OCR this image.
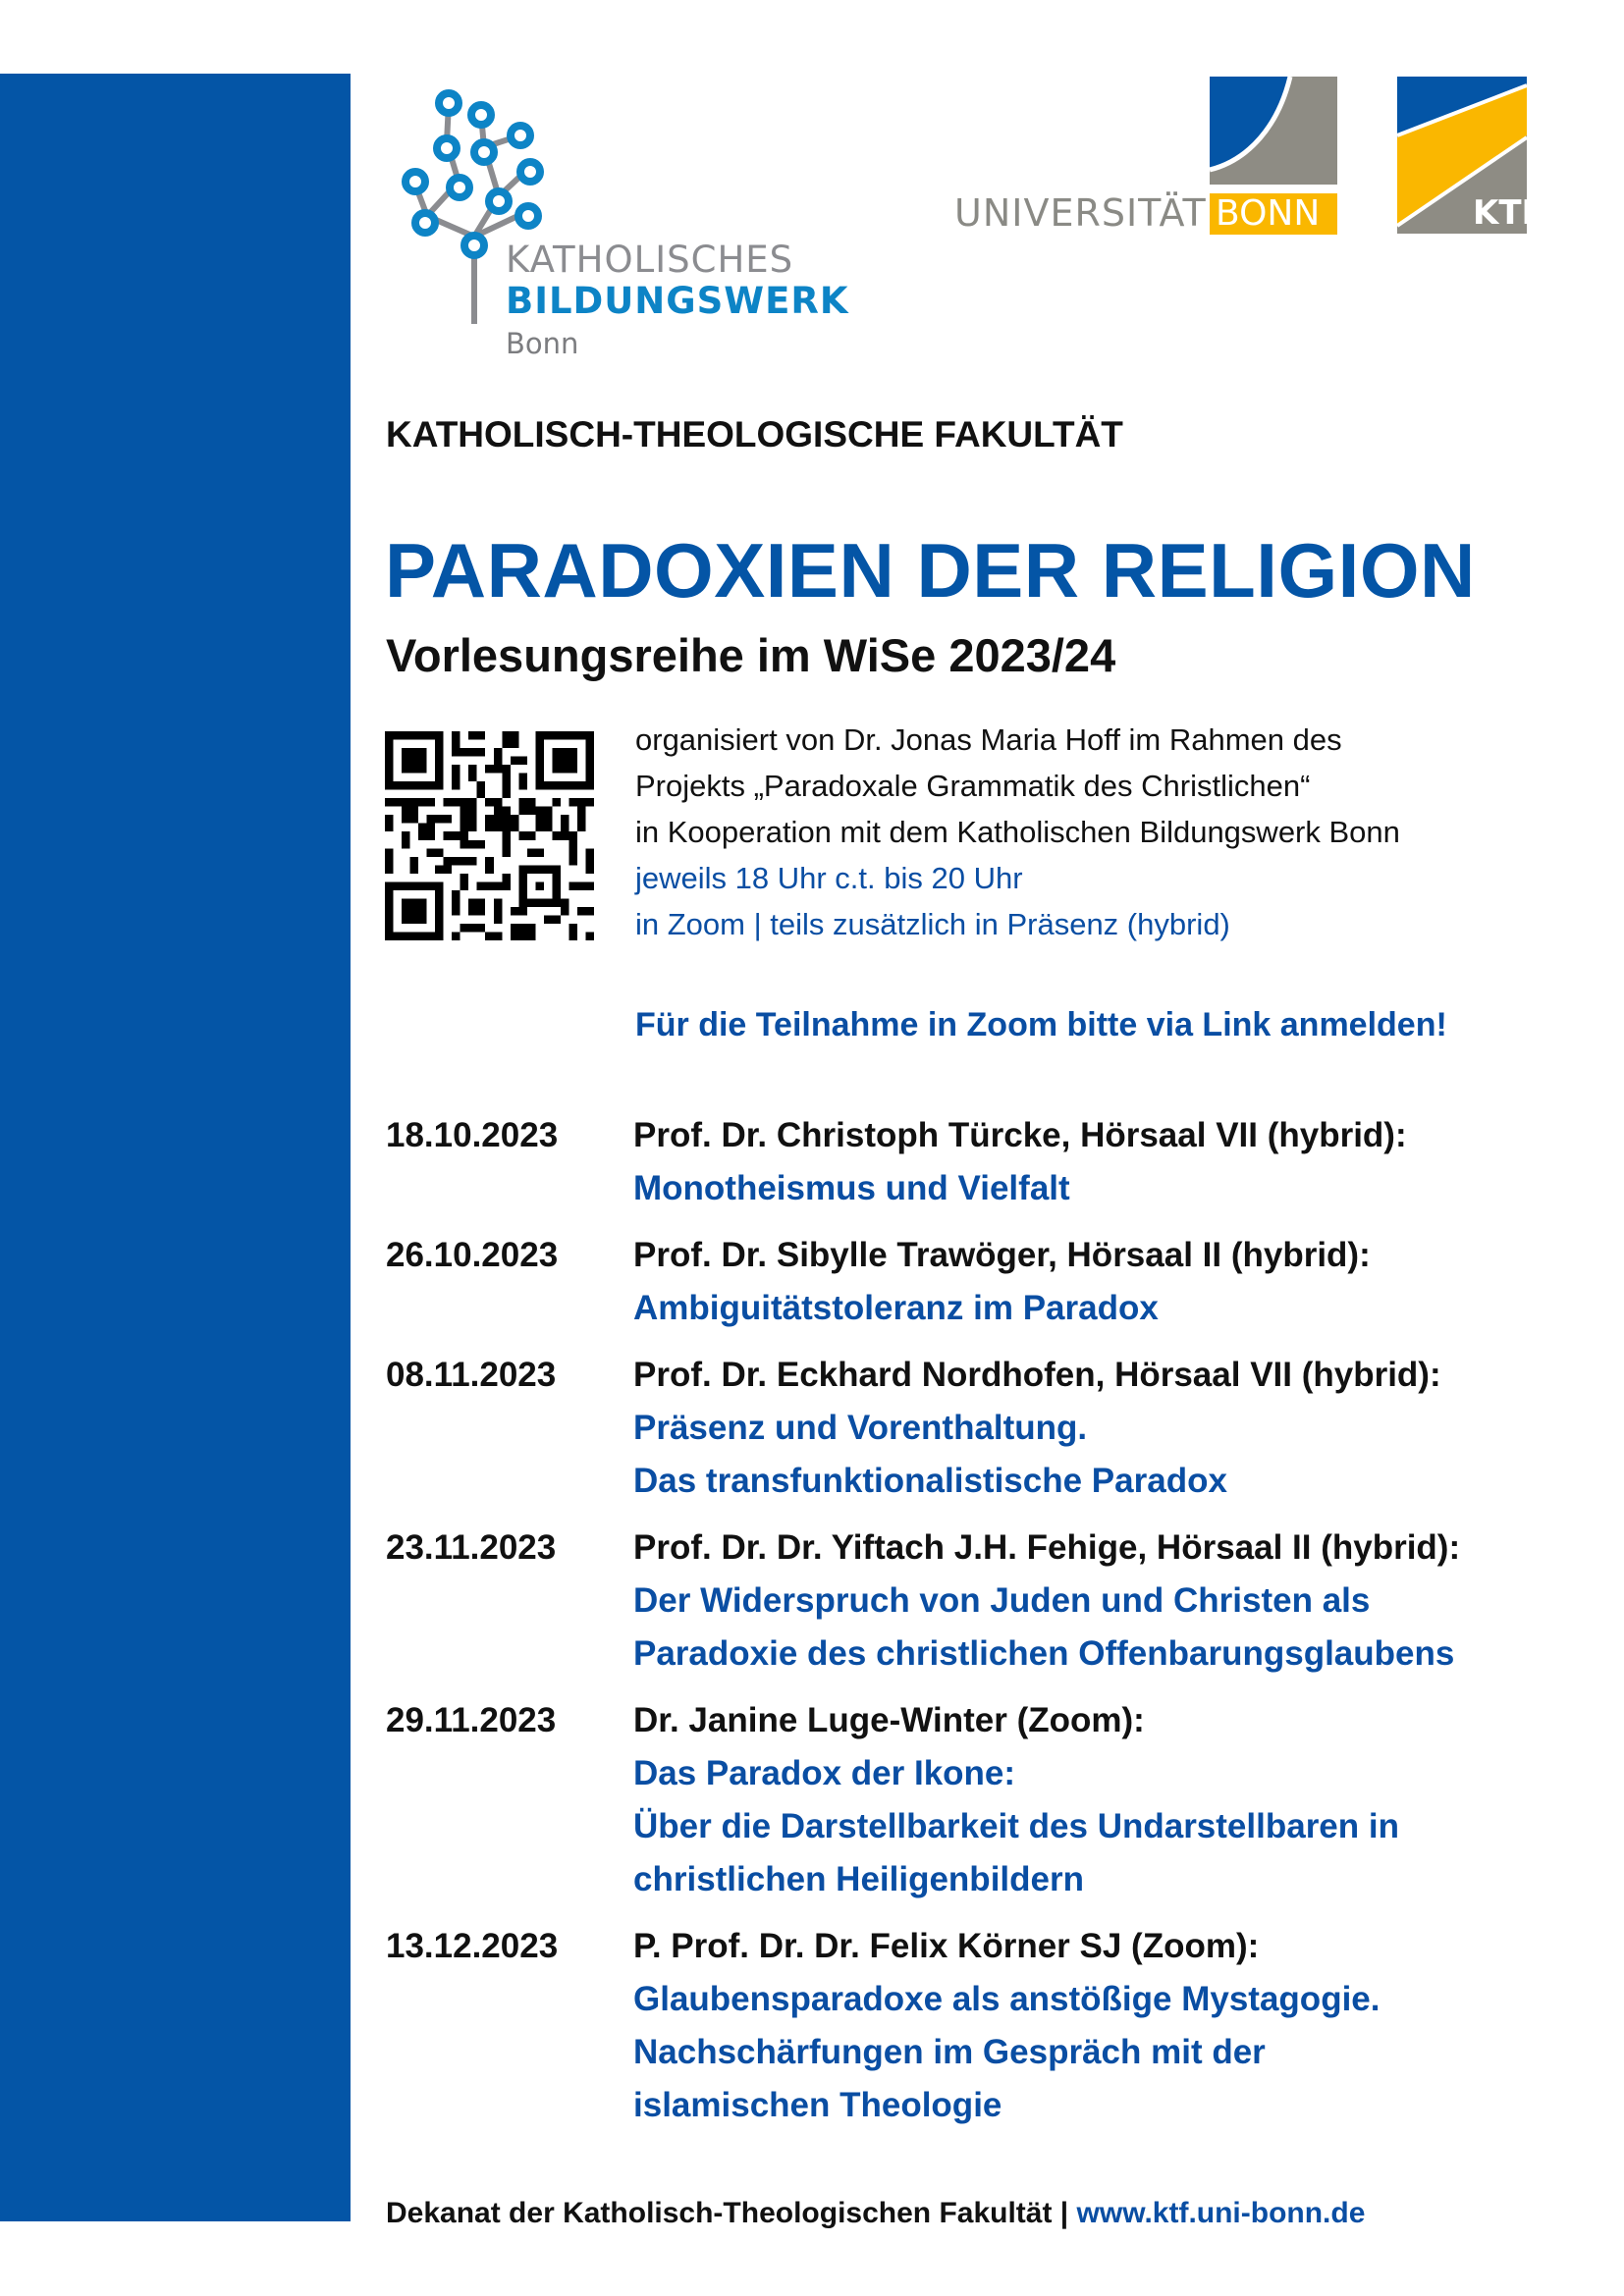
KATHOLISCHES
BILDUNGSWERK
Bonn
UNIVERSITÄT BONN	KTF
KATHOLISCH-THEOLOGISCHE FAKULTÄT
PARADOXIEN DER RELIGION
Vorlesungsreihe im WiSe 2023/24
organisiert von Dr. Jonas Maria Hoff im Rahmen des
Projekts „Paradoxale Grammatik des Christlichen“
in Kooperation mit dem Katholischen Bildungswerk Bonn
jeweils 18 Uhr c.t. bis 20 Uhr
in Zoom | teils zusätzlich in Präsenz (hybrid)
Für die Teilnahme in Zoom bitte via Link anmelden!
18.10.2023	Prof. Dr. Christoph Türcke, Hörsaal VII (hybrid):
Monotheismus und Vielfalt
26.10.2023	Prof. Dr. Sibylle Trawöger, Hörsaal II (hybrid):
Ambiguitätstoleranz im Paradox
08.11.2023	Prof. Dr. Eckhard Nordhofen, Hörsaal VII (hybrid):
Präsenz und Vorenthaltung.
Das transfunktionalistische Paradox
23.11.2023	Prof. Dr. Dr. Yiftach J.H. Fehige, Hörsaal II (hybrid):
Der Widerspruch von Juden und Christen als
Paradoxie des christlichen Offenbarungsglaubens
29.11.2023	Dr. Janine Luge-Winter (Zoom):
Das Paradox der Ikone:
Über die Darstellbarkeit des Undarstellbaren in
christlichen Heiligenbildern
13.12.2023	P. Prof. Dr. Dr. Felix Körner SJ (Zoom):
Glaubensparadoxe als anstößige Mystagogie.
Nachschärfungen im Gespräch mit der
islamischen Theologie
Dekanat der Katholisch-Theologischen Fakultät | www.ktf.uni-bonn.de
